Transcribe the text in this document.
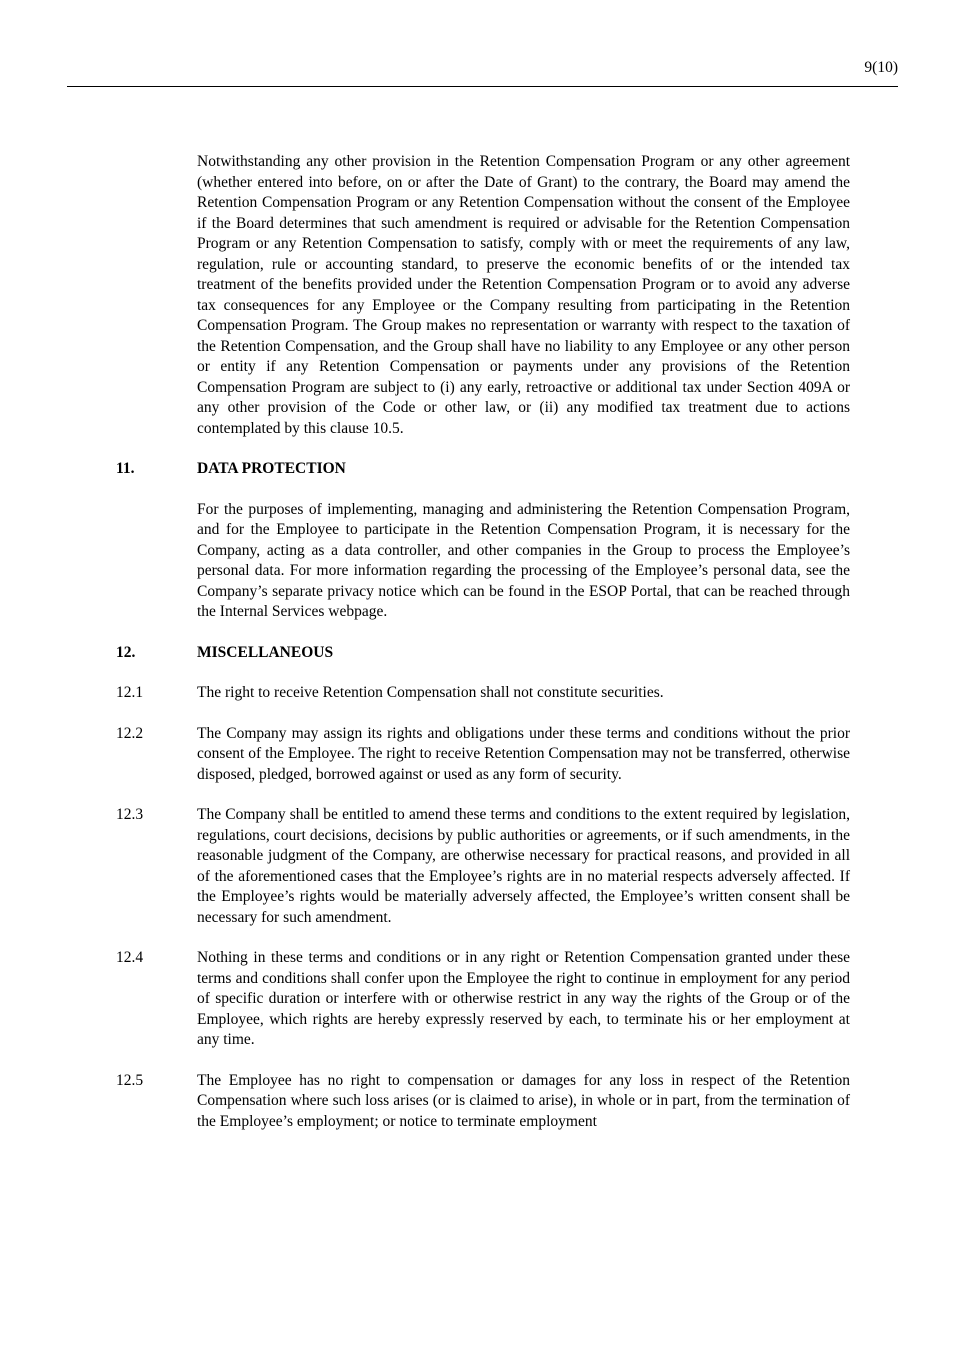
9(10)

Notwithstanding any other provision in the Retention Compensation Program or any other agreement (whether entered into before, on or after the Date of Grant) to the contrary, the Board may amend the Retention Compensation Program or any Retention Compensation without the consent of the Employee if the Board determines that such amendment is required or advisable for the Retention Compensation Program or any Retention Compensation to satisfy, comply with or meet the requirements of any law, regulation, rule or accounting standard, to preserve the economic benefits of or the intended tax treatment of the benefits provided under the Retention Compensation Program or to avoid any adverse tax consequences for any Employee or the Company resulting from participating in the Retention Compensation Program. The Group makes no representation or warranty with respect to the taxation of the Retention Compensation, and the Group shall have no liability to any Employee or any other person or entity if any Retention Compensation or payments under any provisions of the Retention Compensation Program are subject to (i) any early, retroactive or additional tax under Section 409A or any other provision of the Code or other law, or (ii) any modified tax treatment due to actions contemplated by this clause 10.5.

11.	DATA PROTECTION

For the purposes of implementing, managing and administering the Retention Compensation Program, and for the Employee to participate in the Retention Compensation Program, it is necessary for the Company, acting as a data controller, and other companies in the Group to process the Employee’s personal data. For more information regarding the processing of the Employee’s personal data, see the Company’s separate privacy notice which can be found in the ESOP Portal, that can be reached through the Internal Services webpage.

12.	MISCELLANEOUS
12.1	The right to receive Retention Compensation shall not constitute securities.
12.2	The Company may assign its rights and obligations under these terms and conditions without the prior consent of the Employee. The right to receive Retention Compensation may not be transferred, otherwise disposed, pledged, borrowed against or used as any form of security.
12.3	The Company shall be entitled to amend these terms and conditions to the extent required by legislation, regulations, court decisions, decisions by public authorities or agreements, or if such amendments, in the reasonable judgment of the Company, are otherwise necessary for practical reasons, and provided in all of the aforementioned cases that the Employee’s rights are in no material respects adversely affected. If the Employee’s rights would be materially adversely affected, the Employee’s written consent shall be necessary for such amendment.
12.4	Nothing in these terms and conditions or in any right or Retention Compensation granted under these terms and conditions shall confer upon the Employee the right to continue in employment for any period of specific duration or interfere with or otherwise restrict in any way the rights of the Group or of the Employee, which rights are hereby expressly reserved by each, to terminate his or her employment at any time.
12.5	The Employee has no right to compensation or damages for any loss in respect of the Retention Compensation where such loss arises (or is claimed to arise), in whole or in part, from the termination of the Employee’s employment; or notice to terminate employment
